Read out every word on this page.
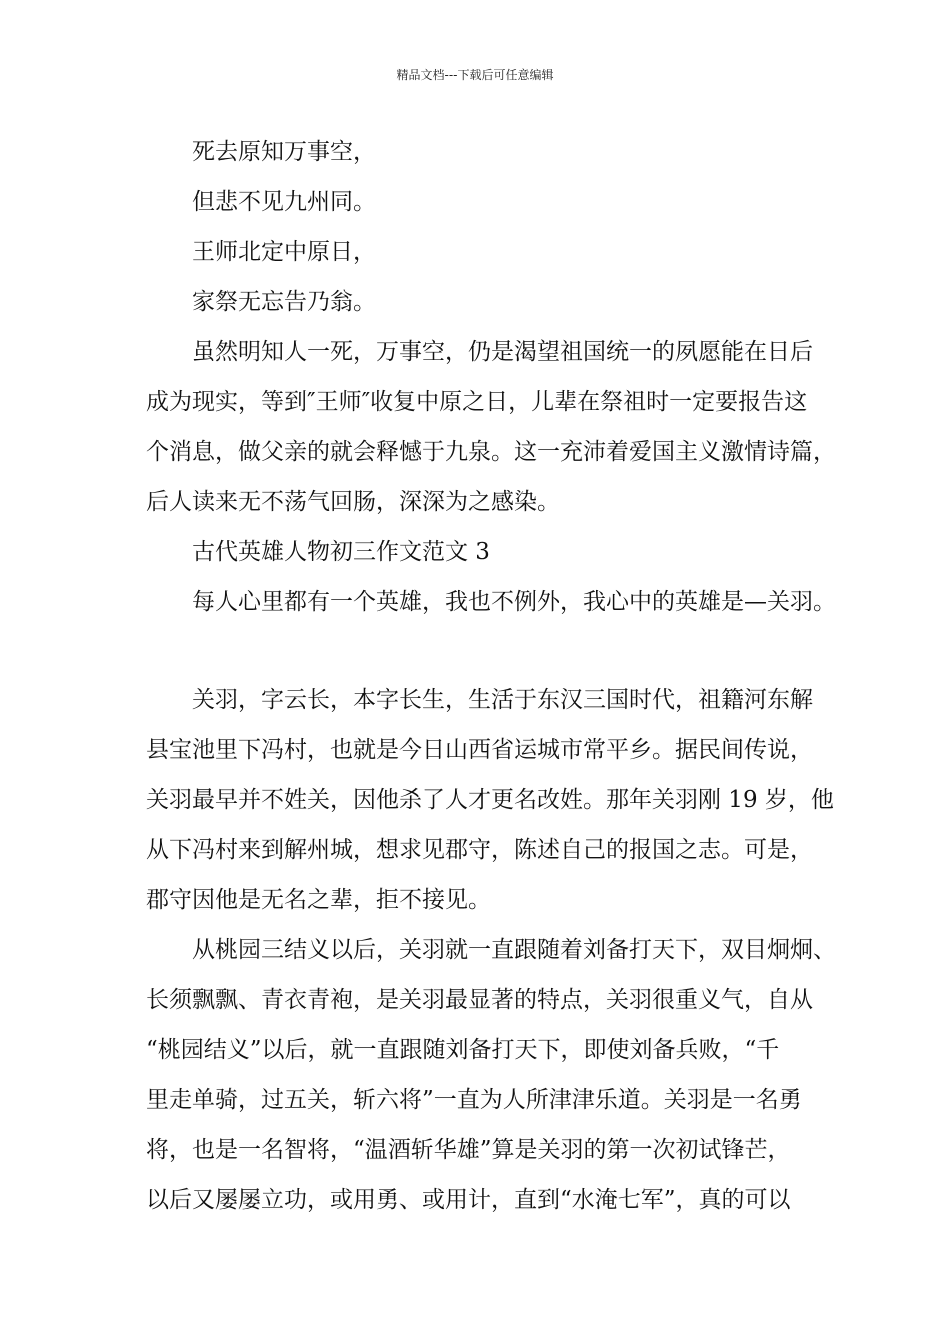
精品文档---下载后可任意编辑
死去原知万事空，
但悲不见九州同。
王师北定中原日，
家祭无忘告乃翁。
虽然明知人一死，万事空，仍是渴望祖国统一的夙愿能在日后
成为现实，等到″王师″收复中原之日，儿辈在祭祖时一定要报告这
个消息，做父亲的就会释憾于九泉。这一充沛着爱国主义激情诗篇，
后人读来无不荡气回肠，深深为之感染。
古代英雄人物初三作文范文 3
每人心里都有一个英雄，我也不例外，我心中的英雄是—关羽。
关羽，字云长，本字长生，生活于东汉三国时代，祖籍河东解
县宝池里下冯村，也就是今日山西省运城市常平乡。据民间传说，
关羽最早并不姓关，因他杀了人才更名改姓。那年关羽刚 19 岁，他
从下冯村来到解州城，想求见郡守，陈述自己的报国之志。可是，
郡守因他是无名之辈，拒不接见。
从桃园三结义以后，关羽就一直跟随着刘备打天下，双目炯炯、
长须飘飘、青衣青袍，是关羽最显著的特点，关羽很重义气，自从
“桃园结义”以后，就一直跟随刘备打天下，即使刘备兵败，“千
里走单骑，过五关，斩六将”一直为人所津津乐道。关羽是一名勇
将，也是一名智将，“温酒斩华雄”算是关羽的第一次初试锋芒，
以后又屡屡立功，或用勇、或用计，直到“水淹七军”，真的可以
